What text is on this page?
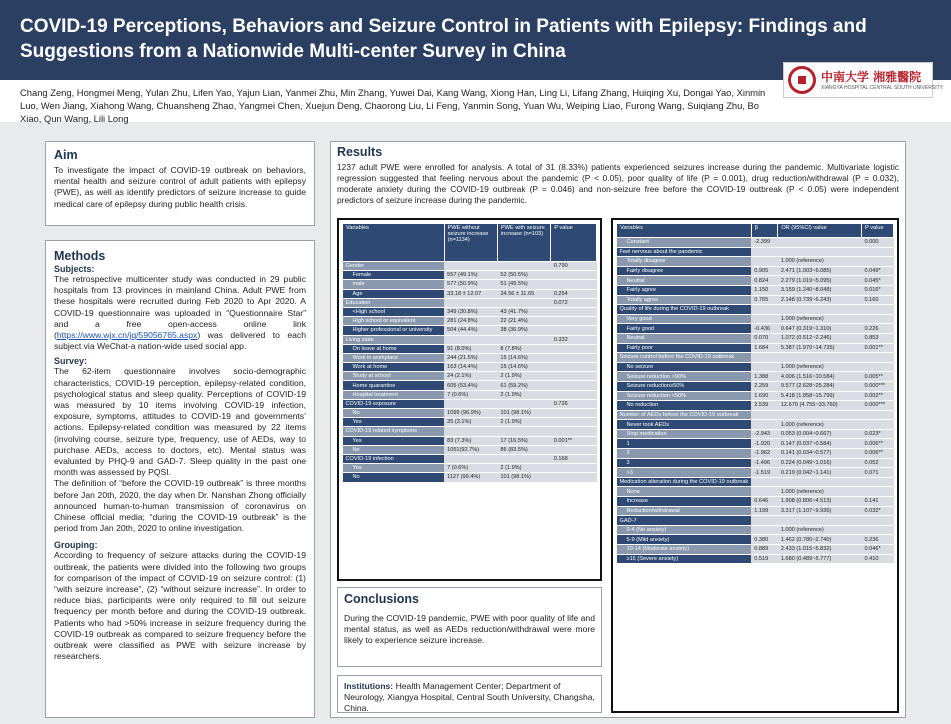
COVID-19 Perceptions, Behaviors and Seizure Control in Patients with Epilepsy: Findings and Suggestions from a Nationwide Multi-center Survey in China
Chang Zeng, Hongmei Meng, Yulan Zhu, Lifen Yao, Yajun Lian, Yanmei Zhu, Min Zhang, Yuwei Dai, Kang Wang, Xiong Han, Ling Li, Lifang Zhang, Huiqing Xu, Dongai Yao, Xinmin Luo, Wen Jiang, Xiahong Wang, Chuansheng Zhao, Yangmei Chen, Xuejun Deng, Chaorong Liu, Li Feng, Yanmin Song, Yuan Wu, Weiping Liao, Furong Wang, Suiqiang Zhu, Bo Xiao, Qun Wang, Lili Long
中南大学 湘雅醫院
XIANGYA HOSPITAL CENTRAL SOUTH UNIVERSITY
Aim
To investigate the impact of COVID-19 outbreak on behaviors, mental health and seizure control of adult patients with epilepsy (PWE), as well as identify predictors of seizure increase to guide medical care of epilepsy during public health crisis.
Methods
Subjects:
The retrospective multicenter study was conducted in 29 public hospitals from 13 provinces in mainland China. Adult PWE from these hospitals were recruited during Feb 2020 to Apr 2020. A COVID-19 questionnaire was uploaded in “Questionnaire Star” and a free open-access online link (https://www.wjx.cn/jq/59056765.aspx) was delivered to each subject via WeChat-a nation-wide used social app.
Survey:
The 62-item questionnaire involves socio-demographic characteristics, COVID-19 perception, epilepsy-related condition, psychological status and sleep quality. Perceptions of COVID-19 was measured by 10 items involving COVID-19 infection, exposure, symptoms, attitudes to COVID-19 and governments’ actions. Epilepsy-related condition was measured by 22 items (involving course, seizure type, frequency, use of AEDs, way to purchase AEDs, access to doctors, etc). Mental status was evaluated by PHQ-9 and GAD-7. Sleep quality in the past one month was assessed by PQSI.
The definition of “before the COVID-19 outbreak” is three months before Jan 20th, 2020, the day when Dr. Nanshan Zhong officially announced human-to-human transmission of coronavirus on Chinese official media; “during the COVID-19 outbreak” is the period from Jan 20th, 2020 to online investigation.
Grouping:
According to frequency of seizure attacks during the COVID-19 outbreak, the patients were divided into the following two groups for comparison of the impact of COVID-19 on seizure control: (1) “with seizure increase”, (2) “without seizure increase”. In order to reduce bias, participants were only required to fill out seizure frequency per month before and during the COVID-19 outbreak. Patients who had >50% increase in seizure frequency during the COVID-19 outbreak as compared to seizure frequency before the outbreak were classified as PWE with seizure increase by researchers.
Results
1237 adult PWE were enrolled for analysis. A total of 31 (8.33%) patients experienced seizures increase during the pandemic. Multivariate logistic regression suggested that feeling nervous about the pandemic (P < 0.05), poor quality of life (P = 0.001), drug reduction/withdrawal (P = 0.032), moderate anxiety during the COVID-19 outbreak (P = 0.046) and non-seizure free before the COVID-19 outbreak (P < 0.05) were independent predictors of seizure increase during the pandemic.
Variables	PWE without seizure increase (n=1134)	PWE with seizure increase (n=103)	P value
Gender			0.790
Female	557 (49.1%)	52 (50.5%)	
male	577 (50.9%)	51 (49.5%)	
Age	33.18 ± 12.07	34.56 ± 11.65	0.254
Education			0.072
<High school	349 (30.8%)	43 (41.7%)	
High school or equivalent	281 (24.8%)	22 (21.4%)	
Higher professional or university	504 (44.4%)	38 (36.9%)	
Living state			0.332
On leave at home	91 (8.0%)	8 (7.8%)	
Work in workplace	244 (21.5%)	15 (14.6%)	
Work at home	163 (14.4%)	15 (14.6%)	
Study at school	24 (2.1%)	2 (1.9%)	
Home quarantine	605 (53.4%)	61 (59.2%)	
Hospital treatment	7 (0.6%)	2 (1.9%)	
COVID-19 exposure			0.726
No	1099 (96.9%)	101 (98.1%)	
Yes	35 (3.1%)	2 (1.9%)	
COVID-19 related symptoms			
Yes	83 (7.3%)	17 (16.5%)	0.001**
No	1051(92.7%)	86 (83.5%)	
COVID-19 infection			0.168
Yes	7 (0.6%)	2 (1.9%)	
No	1127 (99.4%)	101 (98.1%)	
Variables	β	OR (95%CI) value	P value
Constant	-2.399		0.000
Feel nervous about the pandemic			
Totally disagree		1.000 (reference)	
Fairly disagree	0.905	2.471 (1.003~6.085)	0.049*
Neutral	0.824	2.279 (1.019~5.095)	0.045*
Fairly agree	1.150	3.159 (1.240~8.048)	0.016*
Totally agree	0.765	2.148 (0.739~6.243)	0.160
Quality of life during the COVID-19 outbreak			
Very good		1.000 (reference)	
Fairly good	-0.436	0.647 (0.319~1.310)	0.226
Neutral	0.070	1.072 (0.512~2.246)	0.853
Fairly poor	1.684	5.387 (1.970~14.735)	0.001**
Seizure control before the COVID-19 outbreak			
No seizure		1.000 (reference)	
Seizure reduction >90%	1.388	4.006 (1.516~10.584)	0.005**
Seizure reduction≥50%	2.259	9.577 (2.628~25.284)	0.000***
Seizure reduction <50%	1.690	5.418 (1.858~15.799)	0.002**
No reduction	2.539	12.670 (4.755~33.760)	0.000***
Number of AEDs before the COVID-19 outbreak			
Never took AEDs		1.000 (reference)	
Stop medication	-2.943	0.053 (0.004~0.667)	0.023*
1	-1.920	0.147 (0.037~0.584)	0.006**
2	-1.962	0.141 (0.034~0.577)	0.006**
3	-1.496	0.224 (0.049~1.016)	0.052
>3	-1.519	0.219 (0.042~1.141)	0.071
Medication alteration during the COVID-19 outbreak			
None		1.000 (reference)	
Increase	0.646	1.908 (0.806~4.513)	0.141
Reduction/withdrawal	1.199	3.317 (1.107~9.936)	0.032*
GAD-7			
0-4 (No anxiety)		1.000 (reference)	
5-9 (Mild anxiety)	0.380	1.462 (0.780~2.740)	0.236
10-14 (Moderate anxiety)	0.889	2.433 (1.015~5.832)	0.046*
≥15 (Severe anxiety)	0.519	1.680 (0.489~5.777)	0.410
Conclusions
During the COVID-19 pandemic, PWE with poor quality of life and mental status, as well as AEDs reduction/withdrawal were more likely to experience seizure increase.
Institutions: Health Management Center; Department of Neurology, Xiangya Hospital, Central South University, Changsha, China.
